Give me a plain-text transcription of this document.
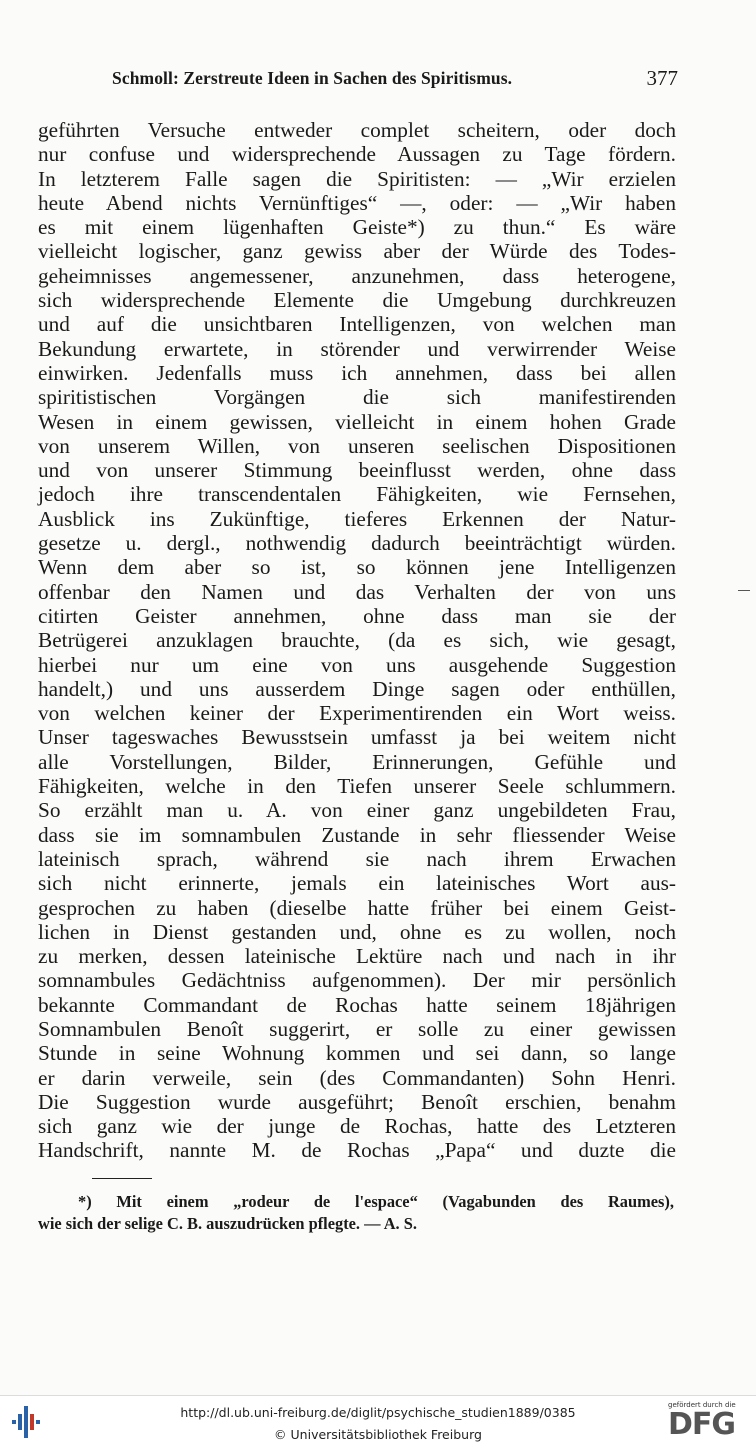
Schmoll: Zerstreute Ideen in Sachen des Spiritismus.	377
geführten Versuche entweder complet scheitern, oder doch
nur confuse und widersprechende Aussagen zu Tage fördern.
In letzterem Falle sagen die Spiritisten: — „Wir erzielen
heute Abend nichts Vernünftiges“ —, oder: — „Wir haben
es mit einem lügenhaften Geiste*) zu thun.“ Es wäre
vielleicht logischer, ganz gewiss aber der Würde des Todes-
geheimnisses angemessener, anzunehmen, dass heterogene,
sich widersprechende Elemente die Umgebung durchkreuzen
und auf die unsichtbaren Intelligenzen, von welchen man
Bekundung erwartete, in störender und verwirrender Weise
einwirken. Jedenfalls muss ich annehmen, dass bei allen
spiritistischen Vorgängen die sich manifestirenden
Wesen in einem gewissen, vielleicht in einem hohen Grade
von unserem Willen, von unseren seelischen Dispositionen
und von unserer Stimmung beeinflusst werden, ohne dass
jedoch ihre transcendentalen Fähigkeiten, wie Fernsehen,
Ausblick ins Zukünftige, tieferes Erkennen der Natur-
gesetze u. dergl., nothwendig dadurch beeinträchtigt würden.
Wenn dem aber so ist, so können jene Intelligenzen
offenbar den Namen und das Verhalten der von uns
citirten Geister annehmen, ohne dass man sie der
Betrügerei anzuklagen brauchte, (da es sich, wie gesagt,
hierbei nur um eine von uns ausgehende Suggestion
handelt,) und uns ausserdem Dinge sagen oder enthüllen,
von welchen keiner der Experimentirenden ein Wort weiss.
Unser tageswaches Bewusstsein umfasst ja bei weitem nicht
alle Vorstellungen, Bilder, Erinnerungen, Gefühle und
Fähigkeiten, welche in den Tiefen unserer Seele schlummern.
So erzählt man u. A. von einer ganz ungebildeten Frau,
dass sie im somnambulen Zustande in sehr fliessender Weise
lateinisch sprach, während sie nach ihrem Erwachen
sich nicht erinnerte, jemals ein lateinisches Wort aus-
gesprochen zu haben (dieselbe hatte früher bei einem Geist-
lichen in Dienst gestanden und, ohne es zu wollen, noch
zu merken, dessen lateinische Lektüre nach und nach in ihr
somnambules Gedächtniss aufgenommen). Der mir persönlich
bekannte Commandant de Rochas hatte seinem 18jährigen
Somnambulen Benoît suggerirt, er solle zu einer gewissen
Stunde in seine Wohnung kommen und sei dann, so lange
er darin verweile, sein (des Commandanten) Sohn Henri.
Die Suggestion wurde ausgeführt; Benoît erschien, benahm
sich ganz wie der junge de Rochas, hatte des Letzteren
Handschrift, nannte M. de Rochas „Papa“ und duzte die
*) Mit einem „rodeur de l'espace“ (Vagabunden des Raumes),
wie sich der selige C. B. auszudrücken pflegte. — A. S.
http://dl.ub.uni-freiburg.de/diglit/psychische_studien1889/0385
© Universitätsbibliothek Freiburg
gefördert durch die
DFG
